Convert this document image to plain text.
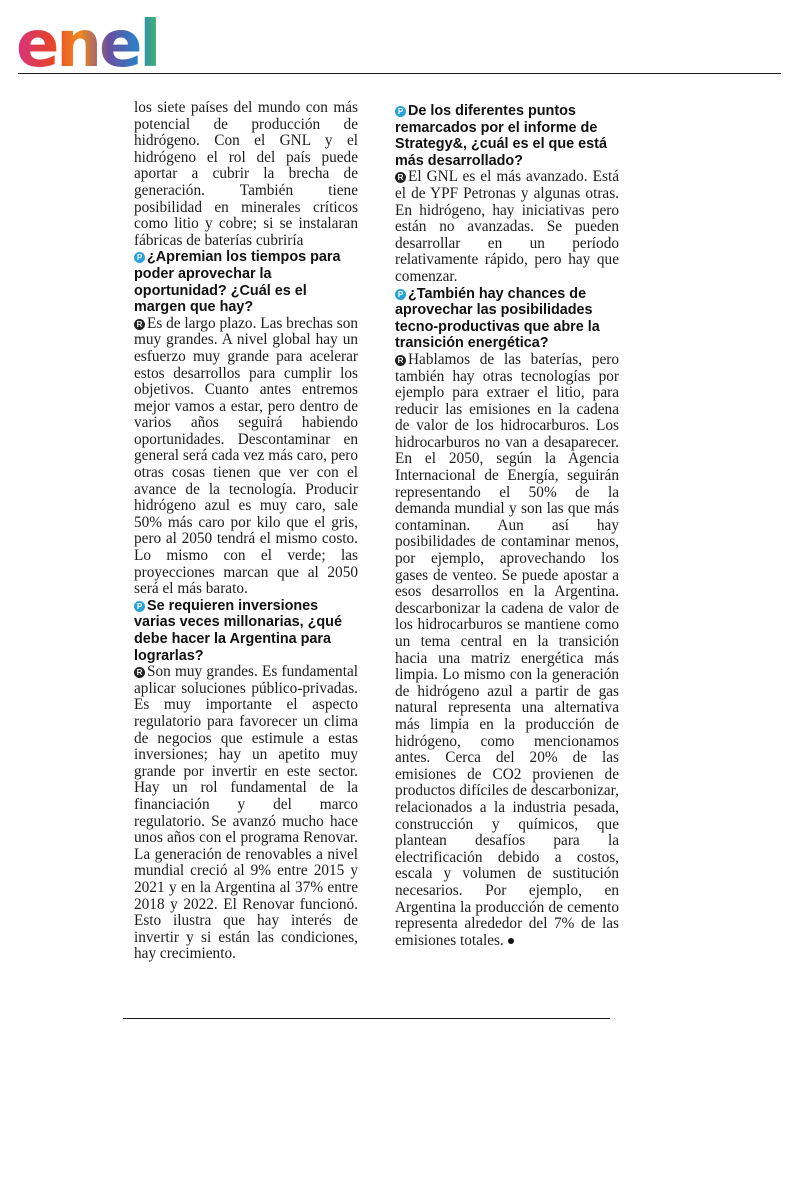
enel

los siete países del mundo con más potencial de producción de hidrógeno. Con el GNL y el hidrógeno el rol del país puede aportar a cubrir la brecha de generación. También tiene posibilidad en minerales críticos como litio y cobre; si se instalaran fábricas de baterías cubriría

P ¿Apremian los tiempos para poder aprovechar la oportunidad? ¿Cuál es el margen que hay?

R Es de largo plazo. Las brechas son muy grandes. A nivel global hay un esfuerzo muy grande para acelerar estos desarrollos para cumplir los objetivos. Cuanto antes entremos mejor vamos a estar, pero dentro de varios años seguirá habiendo oportunidades. Descontaminar en general será cada vez más caro, pero otras cosas tienen que ver con el avance de la tecnología. Producir hidrógeno azul es muy caro, sale 50% más caro por kilo que el gris, pero al 2050 tendrá el mismo costo. Lo mismo con el verde; las proyecciones marcan que al 2050 será el más barato.

P Se requieren inversiones varias veces millonarias, ¿qué debe hacer la Argentina para lograrlas?

R Son muy grandes. Es fundamental aplicar soluciones público-privadas. Es muy importante el aspecto regulatorio para favorecer un clima de negocios que estimule a estas inversiones; hay un apetito muy grande por invertir en este sector. Hay un rol fundamental de la financiación y del marco regulatorio. Se avanzó mucho hace unos años con el programa Renovar. La generación de renovables a nivel mundial creció al 9% entre 2015 y 2021 y en la Argentina al 37% entre 2018 y 2022. El Renovar funcionó. Esto ilustra que hay interés de invertir y si están las condiciones, hay crecimiento.

P De los diferentes puntos remarcados por el informe de Strategy&, ¿cuál es el que está más desarrollado?

R El GNL es el más avanzado. Está el de YPF Petronas y algunas otras. En hidrógeno, hay iniciativas pero están no avanzadas. Se pueden desarrollar en un período relativamente rápido, pero hay que comenzar.

P ¿También hay chances de aprovechar las posibilidades tecno-productivas que abre la transición energética?

R Hablamos de las baterías, pero también hay otras tecnologías por ejemplo para extraer el litio, para reducir las emisiones en la cadena de valor de los hidrocarburos. Los hidrocarburos no van a desaparecer. En el 2050, según la Agencia Internacional de Energía, seguirán representando el 50% de la demanda mundial y son las que más contaminan. Aun así hay posibilidades de contaminar menos, por ejemplo, aprovechando los gases de venteo. Se puede apostar a esos desarrollos en la Argentina. descarbonizar la cadena de valor de los hidrocarburos se mantiene como un tema central en la transición hacia una matriz energética más limpia. Lo mismo con la generación de hidrógeno azul a partir de gas natural representa una alternativa más limpia en la producción de hidrógeno, como mencionamos antes. Cerca del 20% de las emisiones de CO2 provienen de productos difíciles de descarbonizar, relacionados a la industria pesada, construcción y químicos, que plantean desafíos para la electrificación debido a costos, escala y volumen de sustitución necesarios. Por ejemplo, en Argentina la producción de cemento representa alrededor del 7% de las emisiones totales.
